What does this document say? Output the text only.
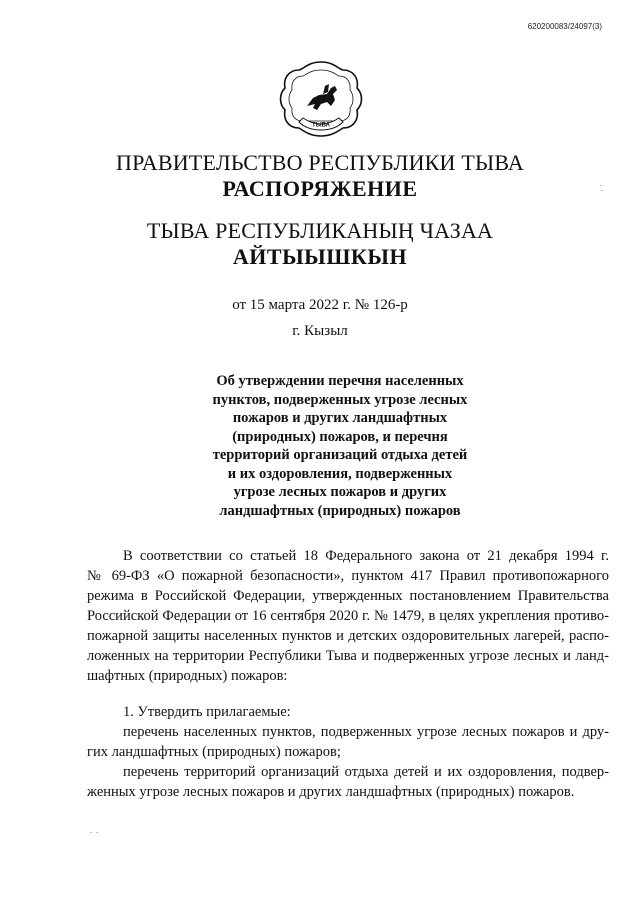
620200083/24097(3)
ТЫВА
ПРАВИТЕЛЬСТВО РЕСПУБЛИКИ ТЫВА
РАСПОРЯЖЕНИЕ
ТЫВА РЕСПУБЛИКАНЫҢ ЧАЗАА
АЙТЫЫШКЫН
от 15 марта 2022 г. № 126-р
г. Кызыл
Об утверждении перечня населенных
пунктов, подверженных угрозе лесных
пожаров и других ландшафтных
(природных) пожаров, и перечня
территорий организаций отдыха детей
и их оздоровления, подверженных
угрозе лесных пожаров и других
ландшафтных (природных) пожаров
В соответствии со статьей 18 Федерального закона от 21 декабря 1994 г.
№ 69-ФЗ «О пожарной безопасности», пунктом 417 Правил противопожарного
режима в Российской Федерации, утвержденных постановлением Правительства
Российской Федерации от 16 сентября 2020 г. № 1479, в целях укрепления противо-
пожарной защиты населенных пунктов и детских оздоровительных лагерей, распо-
ложенных на территории Республики Тыва и подверженных угрозе лесных и ланд-
шафтных (природных) пожаров:
1. Утвердить прилагаемые:
перечень населенных пунктов, подверженных угрозе лесных пожаров и дру-
гих ландшафтных (природных) пожаров;
перечень территорий организаций отдыха детей и их оздоровления, подвер-
женных угрозе лесных пожаров и других ландшафтных (природных) пожаров.
